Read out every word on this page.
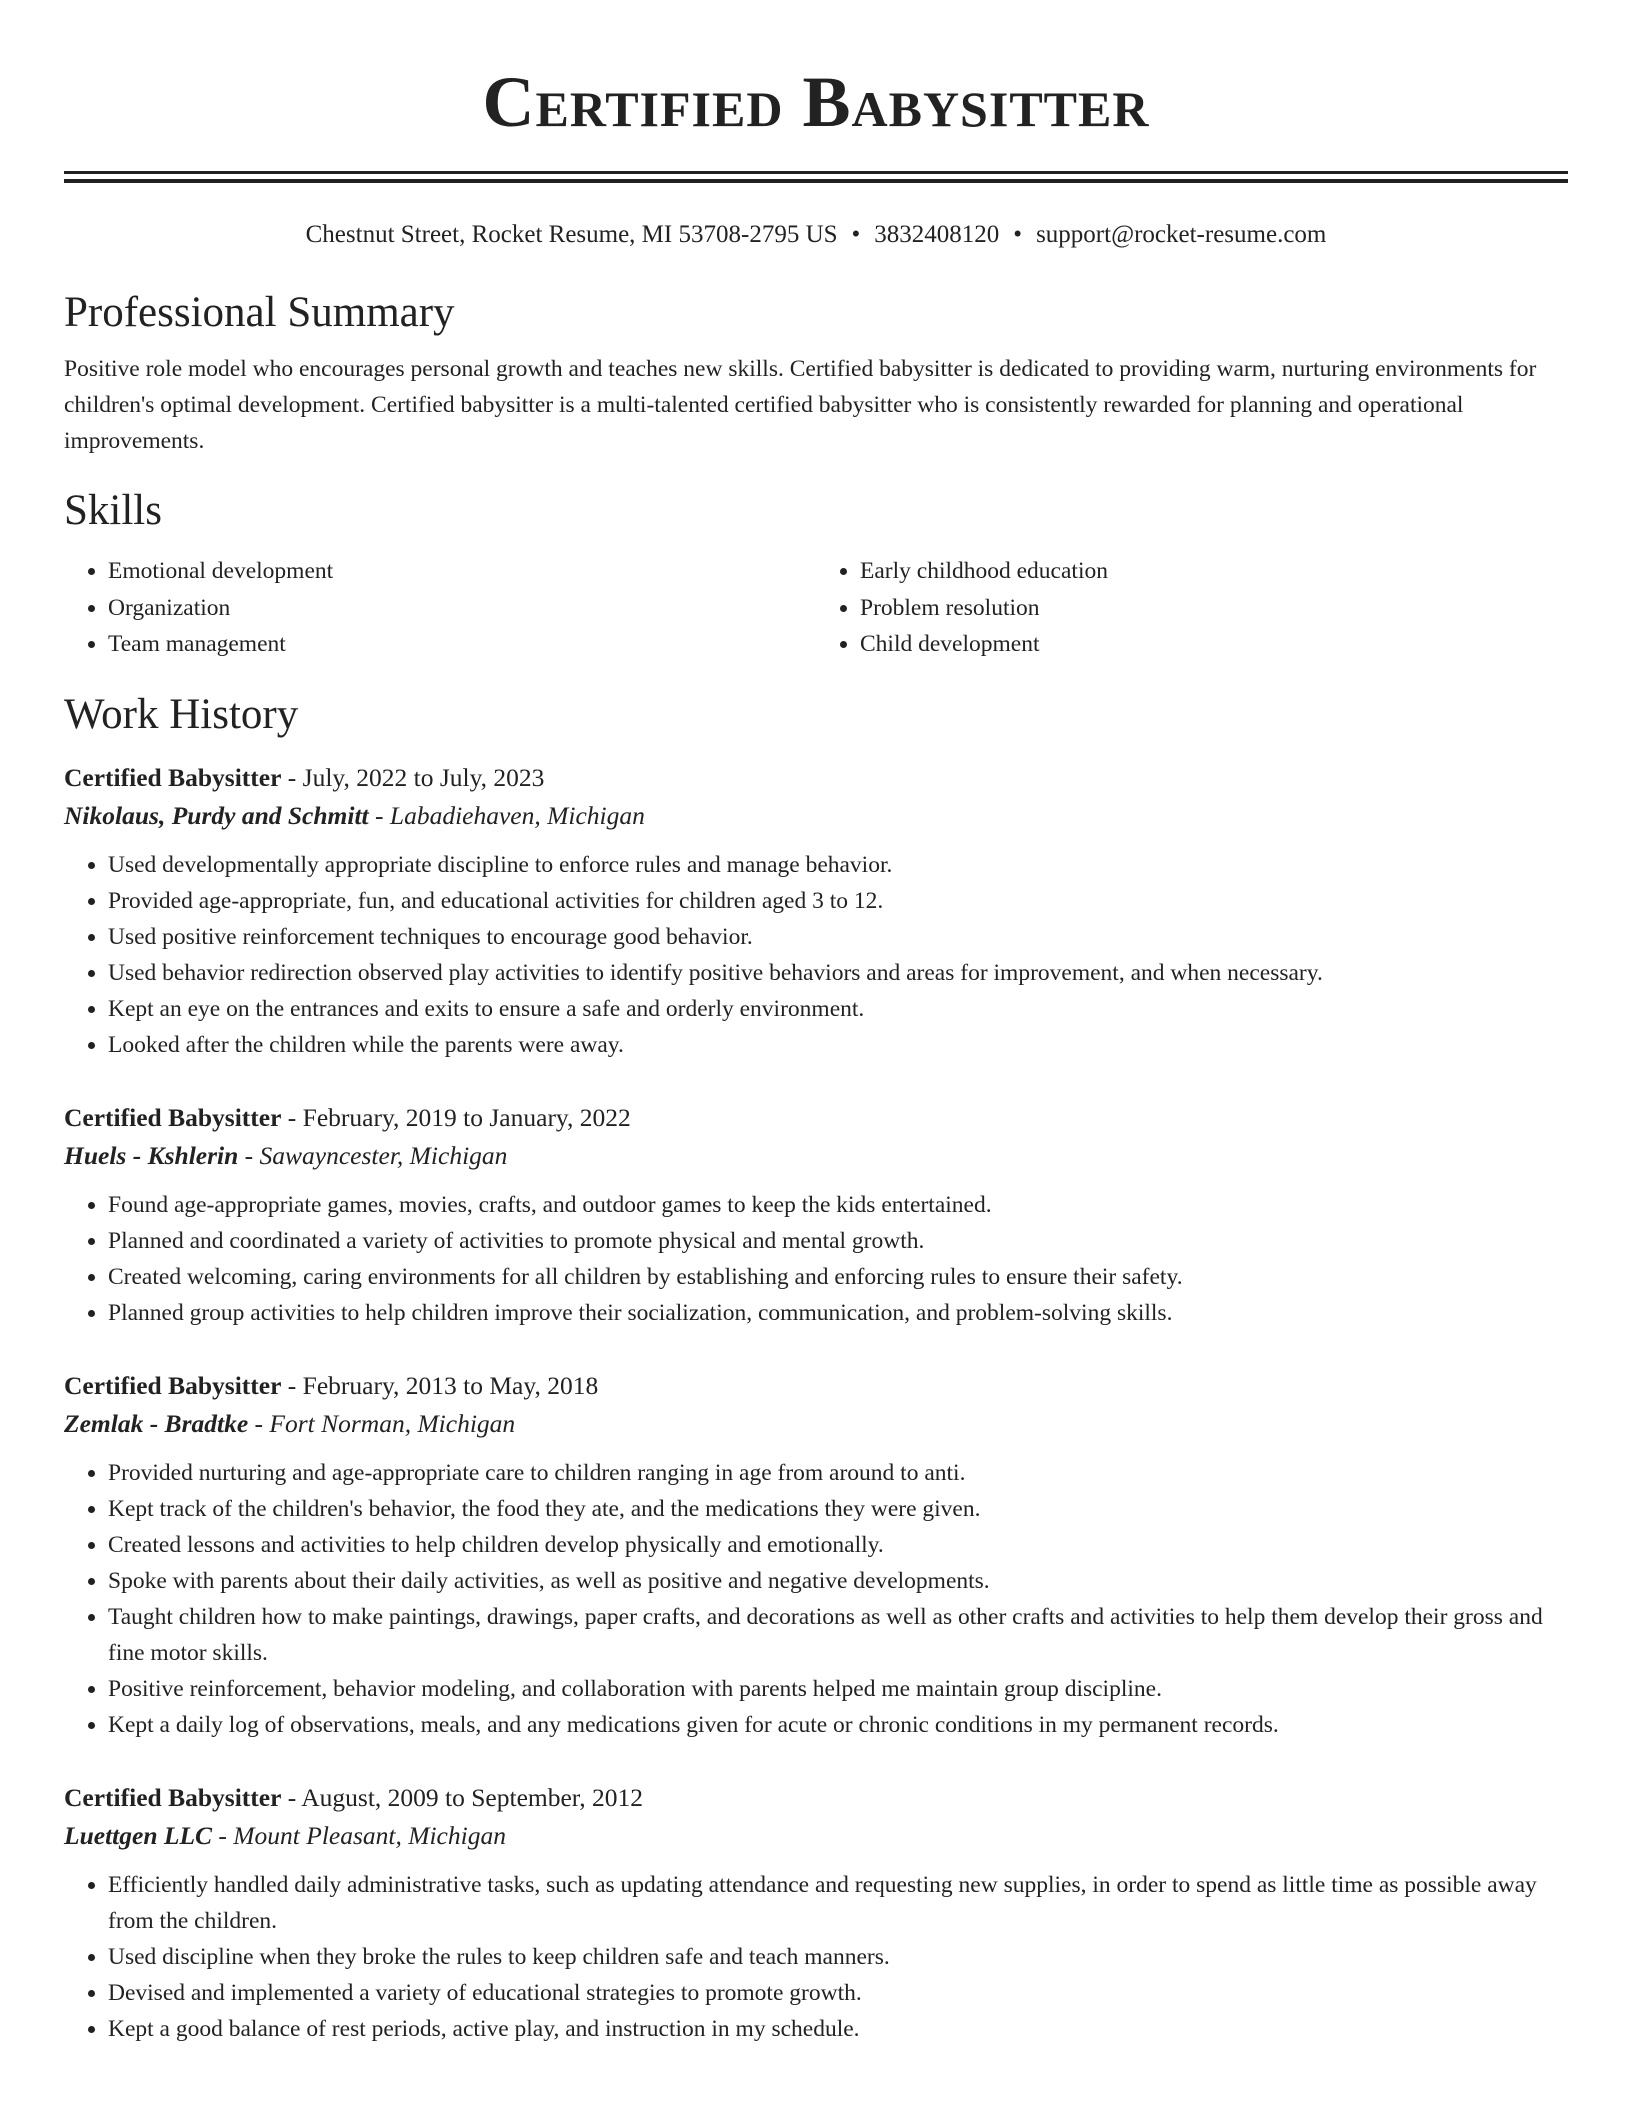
Certified Babysitter
Chestnut Street, Rocket Resume, MI 53708-2795 US • 3832408120 • support@rocket-resume.com
Professional Summary

Positive role model who encourages personal growth and teaches new skills. Certified babysitter is dedicated to providing warm, nurturing environments for children's optimal development. Certified babysitter is a multi-talented certified babysitter who is consistently rewarded for planning and operational improvements.

Skills
• Emotional development
• Organization
• Team management
• Early childhood education
• Problem resolution
• Child development
Work History
Certified Babysitter - July, 2022 to July, 2023
Nikolaus, Purdy and Schmitt - Labadiehaven, Michigan
• Used developmentally appropriate discipline to enforce rules and manage behavior.
• Provided age-appropriate, fun, and educational activities for children aged 3 to 12.
• Used positive reinforcement techniques to encourage good behavior.
• Used behavior redirection observed play activities to identify positive behaviors and areas for improvement, and when necessary.
• Kept an eye on the entrances and exits to ensure a safe and orderly environment.
• Looked after the children while the parents were away.
Certified Babysitter - February, 2019 to January, 2022
Huels - Kshlerin - Sawayncester, Michigan
• Found age-appropriate games, movies, crafts, and outdoor games to keep the kids entertained.
• Planned and coordinated a variety of activities to promote physical and mental growth.
• Created welcoming, caring environments for all children by establishing and enforcing rules to ensure their safety.
• Planned group activities to help children improve their socialization, communication, and problem-solving skills.
Certified Babysitter - February, 2013 to May, 2018
Zemlak - Bradtke - Fort Norman, Michigan
• Provided nurturing and age-appropriate care to children ranging in age from around to anti.
• Kept track of the children's behavior, the food they ate, and the medications they were given.
• Created lessons and activities to help children develop physically and emotionally.
• Spoke with parents about their daily activities, as well as positive and negative developments.
• Taught children how to make paintings, drawings, paper crafts, and decorations as well as other crafts and activities to help them develop their gross and fine motor skills.
• Positive reinforcement, behavior modeling, and collaboration with parents helped me maintain group discipline.
• Kept a daily log of observations, meals, and any medications given for acute or chronic conditions in my permanent records.
Certified Babysitter - August, 2009 to September, 2012
Luettgen LLC - Mount Pleasant, Michigan
• Efficiently handled daily administrative tasks, such as updating attendance and requesting new supplies, in order to spend as little time as possible away from the children.
• Used discipline when they broke the rules to keep children safe and teach manners.
• Devised and implemented a variety of educational strategies to promote growth.
• Kept a good balance of rest periods, active play, and instruction in my schedule.
